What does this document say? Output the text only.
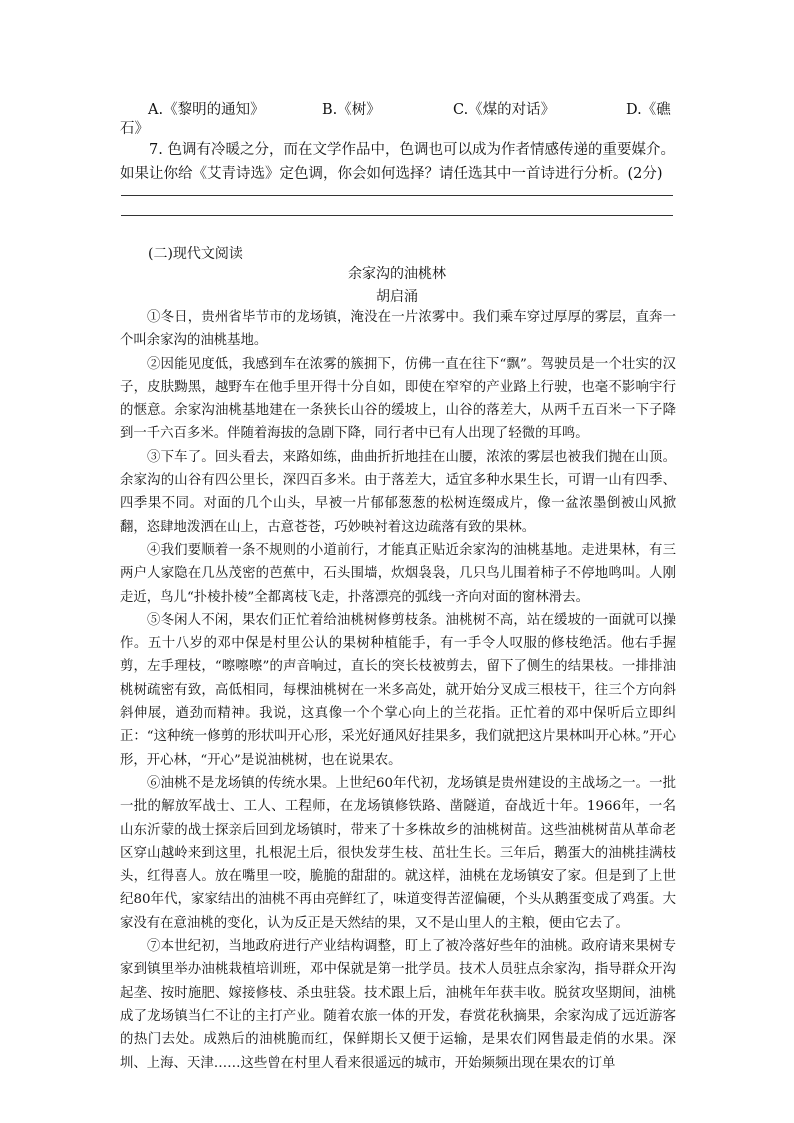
A.《黎明的通知》	B.《树》	C.《煤的对话》	D.《礁
石》
7. 色调有冷暖之分，而在文学作品中，色调也可以成为作者情感传递的重要媒介。如果让你给《艾青诗选》定色调，你会如何选择？请任选其中一首诗进行分析。(2分)
(二)现代文阅读
余家沟的油桃林
胡启涌

①冬日，贵州省毕节市的龙场镇，淹没在一片浓雾中。我们乘车穿过厚厚的雾层，直奔一个叫余家沟的油桃基地。

②因能见度低，我感到车在浓雾的簇拥下，仿佛一直在往下“飘”。驾驶员是一个壮实的汉子，皮肤黝黑，越野车在他手里开得十分自如，即使在窄窄的产业路上行驶，也毫不影响宇行的惬意。余家沟油桃基地建在一条狭长山谷的缓坡上，山谷的落差大，从两千五百米一下子降到一千六百多米。伴随着海拔的急剧下降，同行者中已有人出现了轻微的耳鸣。

③下车了。回头看去，来路如练，曲曲折折地挂在山腰，浓浓的雾层也被我们抛在山顶。余家沟的山谷有四公里长，深四百多米。由于落差大，适宜多种水果生长，可谓一山有四季、四季果不同。对面的几个山头，早被一片郁郁葱葱的松树连缀成片，像一盆浓墨倒被山风掀翻，恣肆地泼洒在山上，古意苍苍，巧妙映衬着这边疏落有致的果林。

④我们要顺着一条不规则的小道前行，才能真正贴近余家沟的油桃基地。走进果林，有三两户人家隐在几丛茂密的芭蕉中，石头围墙，炊烟袅袅，几只鸟儿围着柿子不停地鸣叫。人刚走近，鸟儿“扑棱扑棱”全都离枝飞走，扑落漂亮的弧线一齐向对面的窗林滑去。

⑤冬闲人不闲，果农们正忙着给油桃树修剪枝条。油桃树不高，站在缓坡的一面就可以操作。五十八岁的邓中保是村里公认的果树种植能手，有一手令人叹服的修枝绝活。他右手握剪，左手理枝，“嚓嚓嚓”的声音响过，直长的突长枝被剪去，留下了侧生的结果枝。一排排油桃树疏密有致，高低相同，每棵油桃树在一米多高处，就开始分叉成三根枝干，往三个方向斜斜伸展，遒劲而精神。我说，这真像一个个掌心向上的兰花指。正忙着的邓中保听后立即纠正：“这种统一修剪的形状叫开心形，采光好通风好挂果多，我们就把这片果林叫开心林。”开心形，开心林，“开心”是说油桃树，也在说果农。

⑥油桃不是龙场镇的传统水果。上世纪60年代初，龙场镇是贵州建设的主战场之一。一批一批的解放军战士、工人、工程师，在龙场镇修铁路、凿隧道，奋战近十年。1966年，一名山东沂蒙的战士探亲后回到龙场镇时，带来了十多株故乡的油桃树苗。这些油桃树苗从革命老区穿山越岭来到这里，扎根泥土后，很快发芽生枝、茁壮生长。三年后，鹅蛋大的油桃挂满枝头，红得喜人。放在嘴里一咬，脆脆的甜甜的。就这样，油桃在龙场镇安了家。但是到了上世纪80年代，家家结出的油桃不再由亮鲜红了，味道变得苦涩偏硬，个头从鹅蛋变成了鸡蛋。大家没有在意油桃的变化，认为反正是天然结的果，又不是山里人的主粮，便由它去了。

⑦本世纪初，当地政府进行产业结构调整，盯上了被冷落好些年的油桃。政府请来果树专家到镇里举办油桃栽植培训班，邓中保就是第一批学员。技术人员驻点余家沟，指导群众开沟起垄、按时施肥、嫁接修枝、杀虫驻袋。技术跟上后，油桃年年获丰收。脱贫攻坚期间，油桃成了龙场镇当仁不让的主打产业。随着农旅一体的开发，春赏花秋摘果，余家沟成了远近游客的热门去处。成熟后的油桃脆而红，保鲜期长又便于运输，是果农们网售最走俏的水果。深圳、上海、天津……这些曾在村里人看来很遥远的城市，开始频频出现在果农的订单
